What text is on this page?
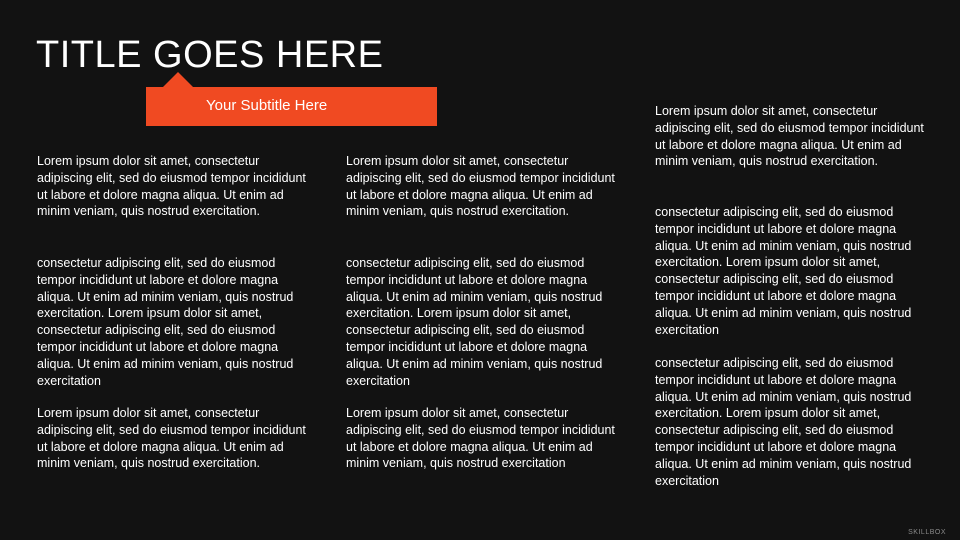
TITLE GOES HERE
Your Subtitle Here

Lorem ipsum dolor sit amet, consectetur adipiscing elit, sed do eiusmod tempor incididunt ut labore et dolore magna aliqua. Ut enim ad minim veniam, quis nostrud exercitation.

consectetur adipiscing elit, sed do eiusmod tempor incididunt ut labore et dolore magna aliqua. Ut enim ad minim veniam, quis nostrud exercitation. Lorem ipsum dolor sit amet, consectetur adipiscing elit, sed do eiusmod tempor incididunt ut labore et dolore magna aliqua. Ut enim ad minim veniam, quis nostrud exercitation

Lorem ipsum dolor sit amet, consectetur adipiscing elit, sed do eiusmod tempor incididunt ut labore et dolore magna aliqua. Ut enim ad minim veniam, quis nostrud exercitation.

Lorem ipsum dolor sit amet, consectetur adipiscing elit, sed do eiusmod tempor incididunt ut labore et dolore magna aliqua. Ut enim ad minim veniam, quis nostrud exercitation.

consectetur adipiscing elit, sed do eiusmod tempor incididunt ut labore et dolore magna aliqua. Ut enim ad minim veniam, quis nostrud exercitation. Lorem ipsum dolor sit amet, consectetur adipiscing elit, sed do eiusmod tempor incididunt ut labore et dolore magna aliqua. Ut enim ad minim veniam, quis nostrud exercitation

Lorem ipsum dolor sit amet, consectetur adipiscing elit, sed do eiusmod tempor incididunt ut labore et dolore magna aliqua. Ut enim ad minim veniam, quis nostrud exercitation

Lorem ipsum dolor sit amet, consectetur adipiscing elit, sed do eiusmod tempor incididunt ut labore et dolore magna aliqua. Ut enim ad minim veniam, quis nostrud exercitation.

consectetur adipiscing elit, sed do eiusmod tempor incididunt ut labore et dolore magna aliqua. Ut enim ad minim veniam, quis nostrud exercitation. Lorem ipsum dolor sit amet, consectetur adipiscing elit, sed do eiusmod tempor incididunt ut labore et dolore magna aliqua. Ut enim ad minim veniam, quis nostrud exercitation

consectetur adipiscing elit, sed do eiusmod tempor incididunt ut labore et dolore magna aliqua. Ut enim ad minim veniam, quis nostrud exercitation. Lorem ipsum dolor sit amet, consectetur adipiscing elit, sed do eiusmod tempor incididunt ut labore et dolore magna aliqua. Ut enim ad minim veniam, quis nostrud exercitation

SKILLBOX
